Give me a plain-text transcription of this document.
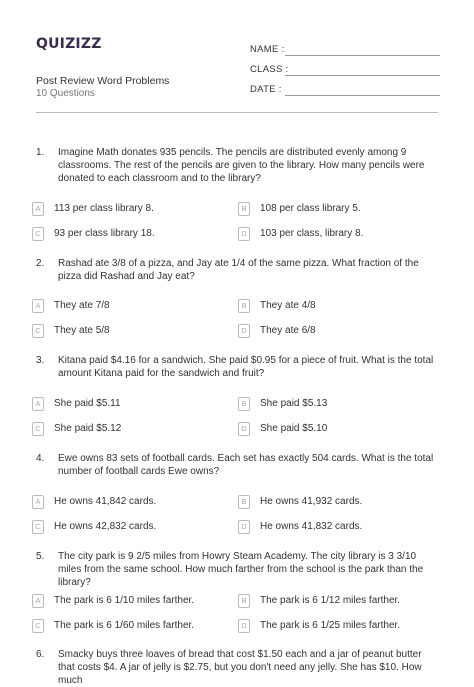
QUIZIZZ
Post Review Word Problems
10 Questions
NAME :
CLASS :
DATE :
1.	Imagine Math donates 935 pencils. The pencils are distributed evenly among 9 classrooms. The rest of the pencils are given to the library. How many pencils were donated to each classroom and to the library?
A	113 per class library 8.	B	108 per class library 5.
C	93 per class library 18.	D	103 per class, library 8.
2.	Rashad ate 3/8 of a pizza, and Jay ate 1/4 of the same pizza. What fraction of the pizza did Rashad and Jay eat?
A	They ate 7/8	B	They ate 4/8
C	They ate 5/8	D	They ate 6/8
3.	Kitana paid $4.16 for a sandwich. She paid $0.95 for a piece of fruit. What is the total amount Kitana paid for the sandwich and fruit?
A	She paid $5.11	B	She paid $5.13
C	She paid $5.12	D	She paid $5.10
4.	Ewe owns 83 sets of football cards. Each set has exactly 504 cards. What is the total number of football cards Ewe owns?
A	He owns 41,842 cards.	B	He owns 41,932 cards.
C	He owns 42,832 cards.	D	He owns 41,832 cards.
5.	The city park is 9 2/5 miles from Howry Steam Academy. The city library is 3 3/10 miles from the same school. How much farther from the school is the park than the library?
A	The park is 6 1/10 miles farther.	B	The park is 6 1/12 miles farther.
C	The park is 6 1/60 miles farther.	D	The park is 6 1/25 miles farther.
6.	Smacky buys three loaves of bread that cost $1.50 each and a jar of peanut butter that costs $4. A jar of jelly is $2.75, but you don't need any jelly. She has $10. How much
